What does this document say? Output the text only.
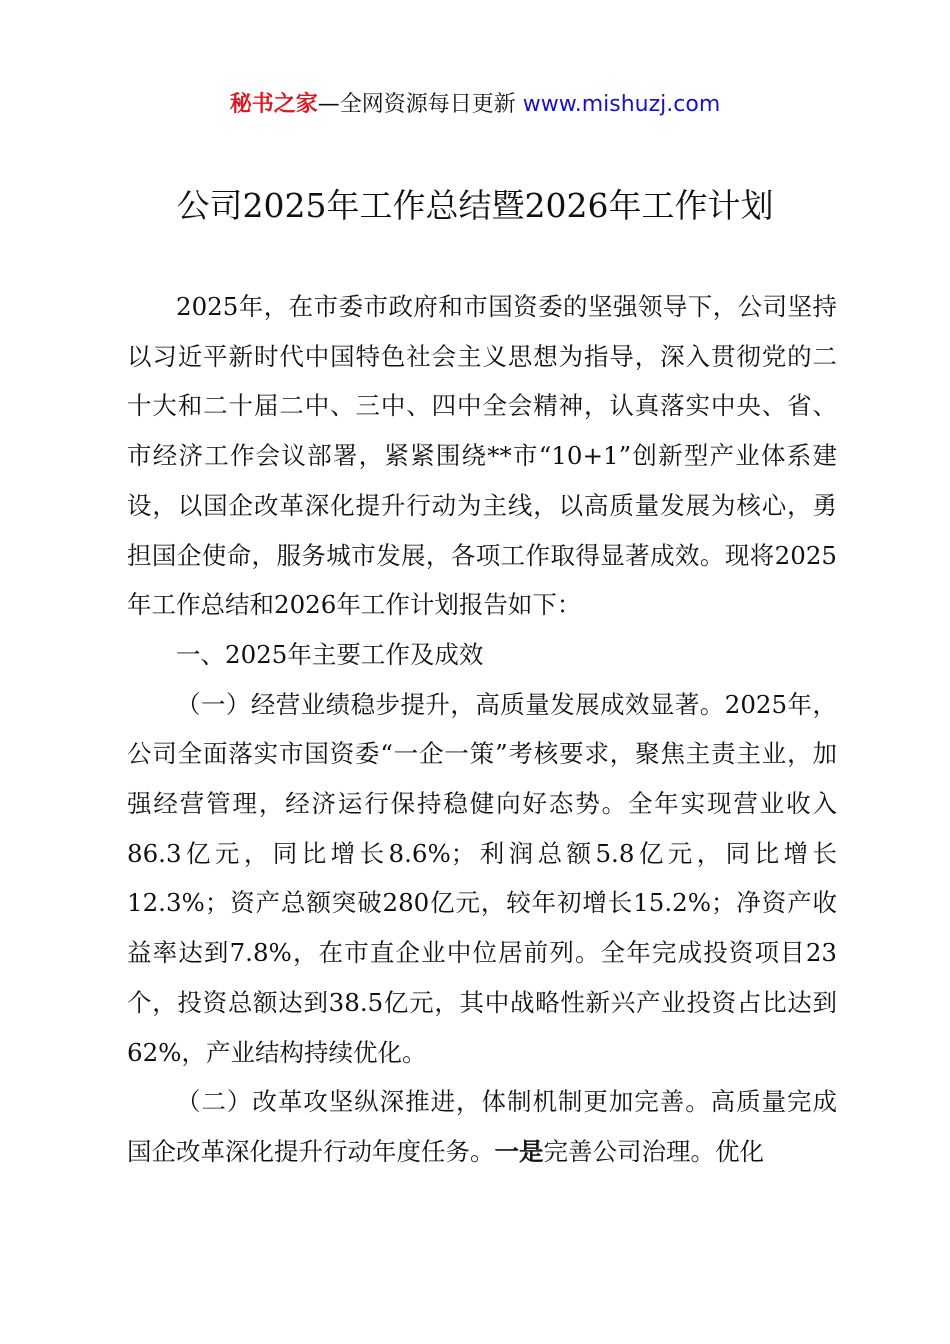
秘书之家—全网资源每日更新 www.mishuzj.com
公司2025年工作总结暨2026年工作计划

2025年，在市委市政府和市国资委的坚强领导下，公司坚持以习近平新时代中国特色社会主义思想为指导，深入贯彻党的二十大和二十届二中、三中、四中全会精神，认真落实中央、省、市经济工作会议部署，紧紧围绕**市“10+1”创新型产业体系建设，以国企改革深化提升行动为主线，以高质量发展为核心，勇担国企使命，服务城市发展，各项工作取得显著成效。现将2025年工作总结和2026年工作计划报告如下：

一、2025年主要工作及成效

（一）经营业绩稳步提升，高质量发展成效显著。2025年，公司全面落实市国资委“一企一策”考核要求，聚焦主责主业，加强经营管理，经济运行保持稳健向好态势。全年实现营业收入86.3亿元，同比增长8.6%；利润总额5.8亿元，同比增长12.3%；资产总额突破280亿元，较年初增长15.2%；净资产收益率达到7.8%，在市直企业中位居前列。全年完成投资项目23个，投资总额达到38.5亿元，其中战略性新兴产业投资占比达到62%，产业结构持续优化。

（二）改革攻坚纵深推进，体制机制更加完善。高质量完成国企改革深化提升行动年度任务。一是完善公司治理。优化
